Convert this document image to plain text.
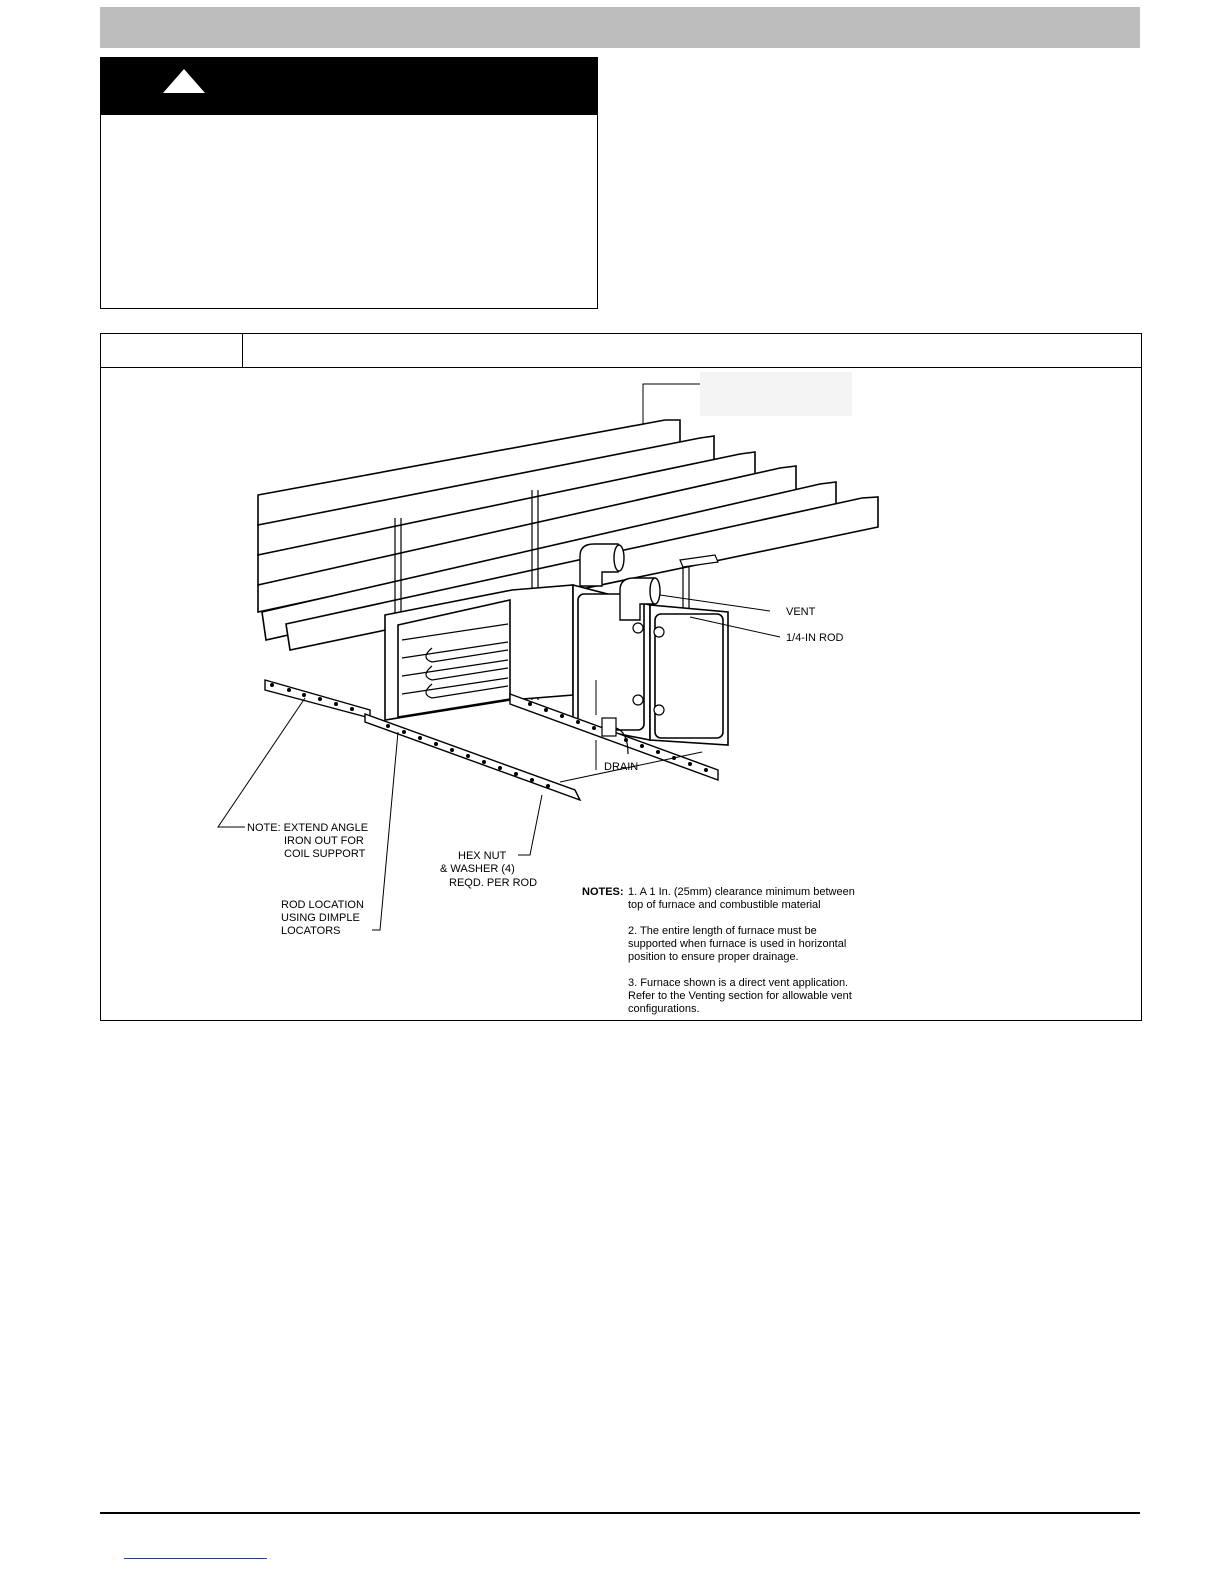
VENT
1/4-IN ROD
DRAIN
NOTE: EXTEND ANGLE
IRON OUT FOR
COIL SUPPORT	HEX NUT
& WASHER (4)
REQD. PER ROD
ROD LOCATION
USING DIMPLE
LOCATORS
NOTES: 1. A 1 In. (25mm) clearance minimum between
top of furnace and combustible material
2. The entire length of furnace must be
supported when furnace is used in horizontal
position to ensure proper drainage.
3. Furnace shown is a direct vent application.
Refer to the Venting section for allowable vent
configurations.
